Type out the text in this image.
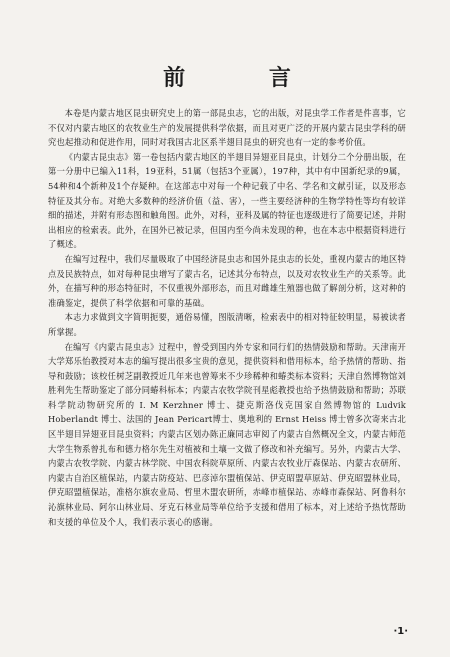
前 言

本卷是内蒙古地区昆虫研究史上的第一部昆虫志，它的出版，对昆虫学工作者是件喜事，它不仅对内蒙古地区的农牧业生产的发展提供科学依据，而且对更广泛的开展内蒙古昆虫学科的研究也起推动和促进作用，同时对我国古北区系半翅目昆虫的研究也有一定的参考价值。

《内蒙古昆虫志》第一卷包括内蒙古地区的半翅目异翅亚目昆虫，计划分二个分册出版，在第一分册中已编入11科，19亚科，51属（包括3个亚属），197种，其中有中国新纪录的9属，54种和4个新种及1个存疑种。在这部志中对每一个种记载了中名、学名和文献引证，以及形态特征及其分布。对绝大多数种的经济价值（益、害），一些主要经济种的生物学特性等均有较详细的描述，并附有形态图和触角图。此外，对科，亚科及属的特征也逐级进行了简要记述，并附出相应的检索表。此外，在国外已被记录，但国内至今尚未发现的种，也在本志中根据资料进行了概述。

在编写过程中，我们尽量吸取了中国经济昆虫志和国外昆虫志的长处，重视内蒙古的地区特点及民族特点，如对每种昆虫增写了蒙古名，记述其分布特点，以及对农牧业生产的关系等。此外，在描写种的形态特征时，不仅重视外部形态，而且对雌雄生殖器也做了解剖分析，这对种的准确鉴定，提供了科学依据和可靠的基础。

本志力求做到文字简明扼要，通俗易懂，图版清晰，检索表中的相对特征较明显，易被读者所掌握。

在编写《内蒙古昆虫志》过程中，曾受到国内外专家和同行们的热情鼓励和帮助。天津南开大学郑乐怡教授对本志的编写提出很多宝贵的意见，提供资料和借用标本，给予热情的帮助、指导和鼓励；该校任树芝副教授近几年来也曾筹来不少珍稀种和蝽类标本资料；天津自然博物馆刘胜利先生帮助鉴定了部分同蝽科标本；内蒙古农牧学院刊星彪教授也给予热情鼓励和帮助；苏联科学院动物研究所的 I. M Kerzhner 博士、捷克斯洛伐克国家自然博物馆的 Ludvik Hoberlandt 博士、法国的 Jean Pericart博士、奥地利的 Ernst Heiss 博士曾多次寄来古北区半翅目异翅亚目昆虫资料；内蒙古区划办陈正廉同志审阅了内蒙古自然概况全文，内蒙古师范大学生物系曾扎布和德力格尔先生对植被和土壤一文做了修改和补充编写。另外，内蒙古大学、内蒙古农牧学院、内蒙古林学院、中国农科院草原所、内蒙古农牧业厅森保站、内蒙古农研所、内蒙古自治区植保站，内蒙古防疫站、巴彦淖尔盟植保站、伊克昭盟草原站、伊克昭盟林业局，伊克昭盟植保站，准格尔旗农业局、哲里木盟农研所，赤峰市植保站、赤峰市森保站、阿鲁科尔沁旗林业局、阿尔山林业局、牙克石林业局等单位给予支援和借用了标本，对上述给予热忱帮助和支援的单位及个人，我们表示衷心的感谢。

·1·
